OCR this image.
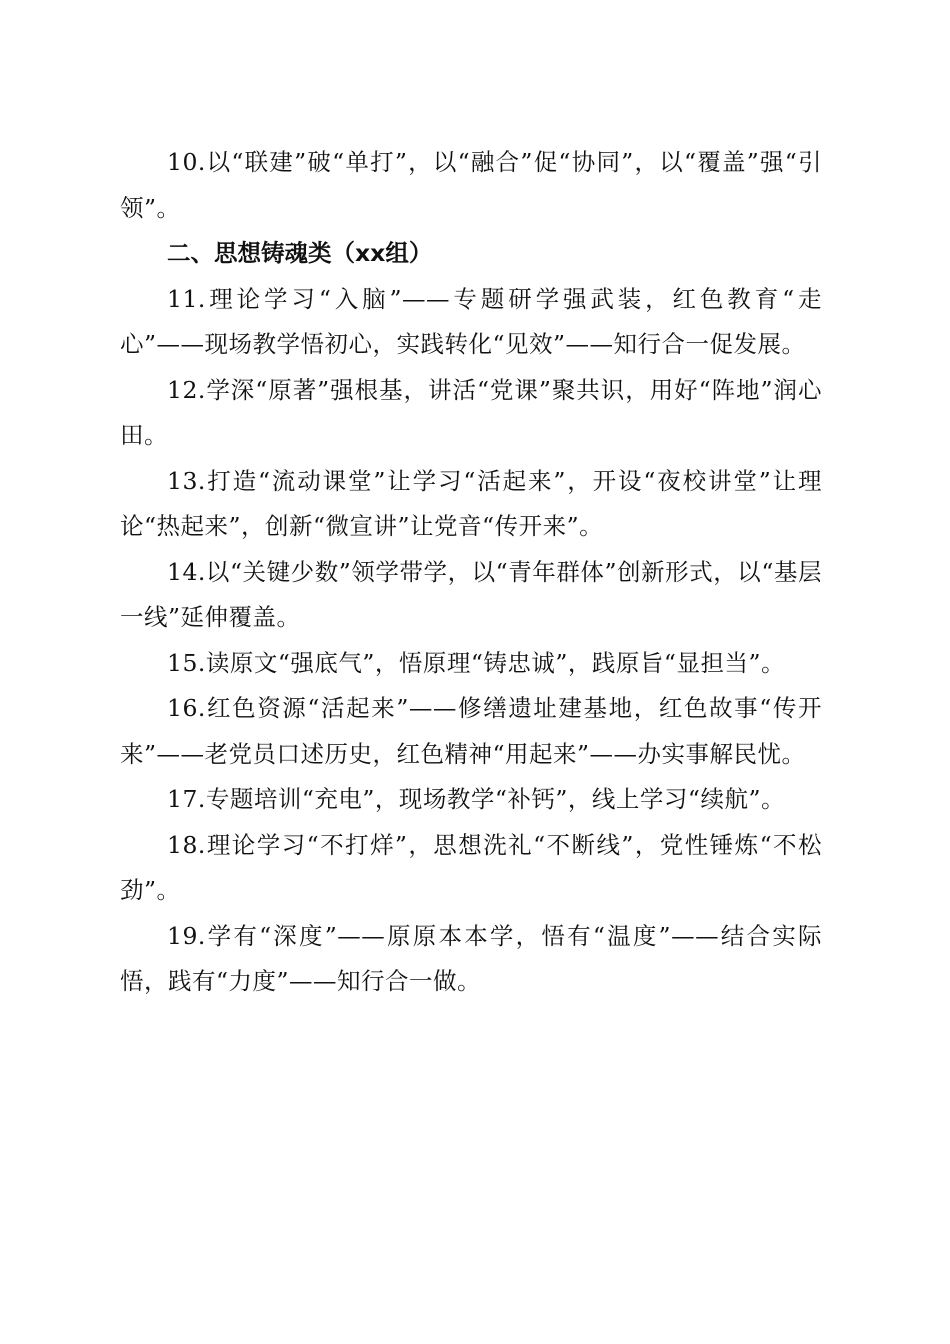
10.以“联建”破“单打”，以“融合”促“协同”，以“覆盖”强“引领”。

二、思想铸魂类（xx组）

11.理论学习“入脑”——专题研学强武装，红色教育“走心”——现场教学悟初心，实践转化“见效”——知行合一促发展。

12.学深“原著”强根基，讲活“党课”聚共识，用好“阵地”润心田。

13.打造“流动课堂”让学习“活起来”，开设“夜校讲堂”让理论“热起来”，创新“微宣讲”让党音“传开来”。

14.以“关键少数”领学带学，以“青年群体”创新形式，以“基层一线”延伸覆盖。

15.读原文“强底气”，悟原理“铸忠诚”，践原旨“显担当”。

16.红色资源“活起来”——修缮遗址建基地，红色故事“传开来”——老党员口述历史，红色精神“用起来”——办实事解民忧。

17.专题培训“充电”，现场教学“补钙”，线上学习“续航”。

18.理论学习“不打烊”，思想洗礼“不断线”，党性锤炼“不松劲”。

19.学有“深度”——原原本本学，悟有“温度”——结合实际悟，践有“力度”——知行合一做。
